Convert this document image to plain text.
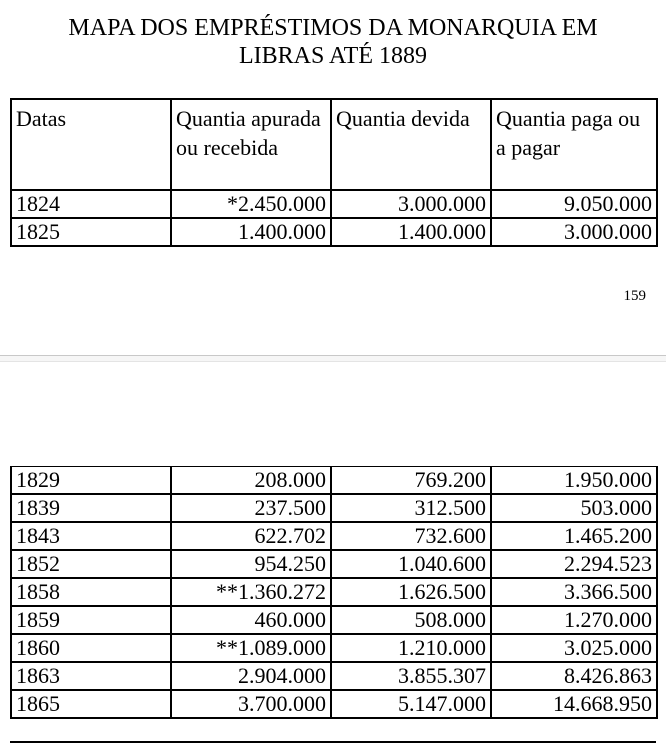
MAPA DOS EMPRÉSTIMOS DA MONARQUIA EM
LIBRAS ATÉ 1889
Datas	Quantia apurada ou recebida	Quantia devida	Quantia paga ou a pagar
1824	*2.450.000	3.000.000	9.050.000
1825	1.400.000	1.400.000	3.000.000
159
1829	208.000	769.200	1.950.000
1839	237.500	312.500	503.000
1843	622.702	732.600	1.465.200
1852	954.250	1.040.600	2.294.523
1858	**1.360.272	1.626.500	3.366.500
1859	460.000	508.000	1.270.000
1860	**1.089.000	1.210.000	3.025.000
1863	2.904.000	3.855.307	8.426.863
1865	3.700.000	5.147.000	14.668.950
